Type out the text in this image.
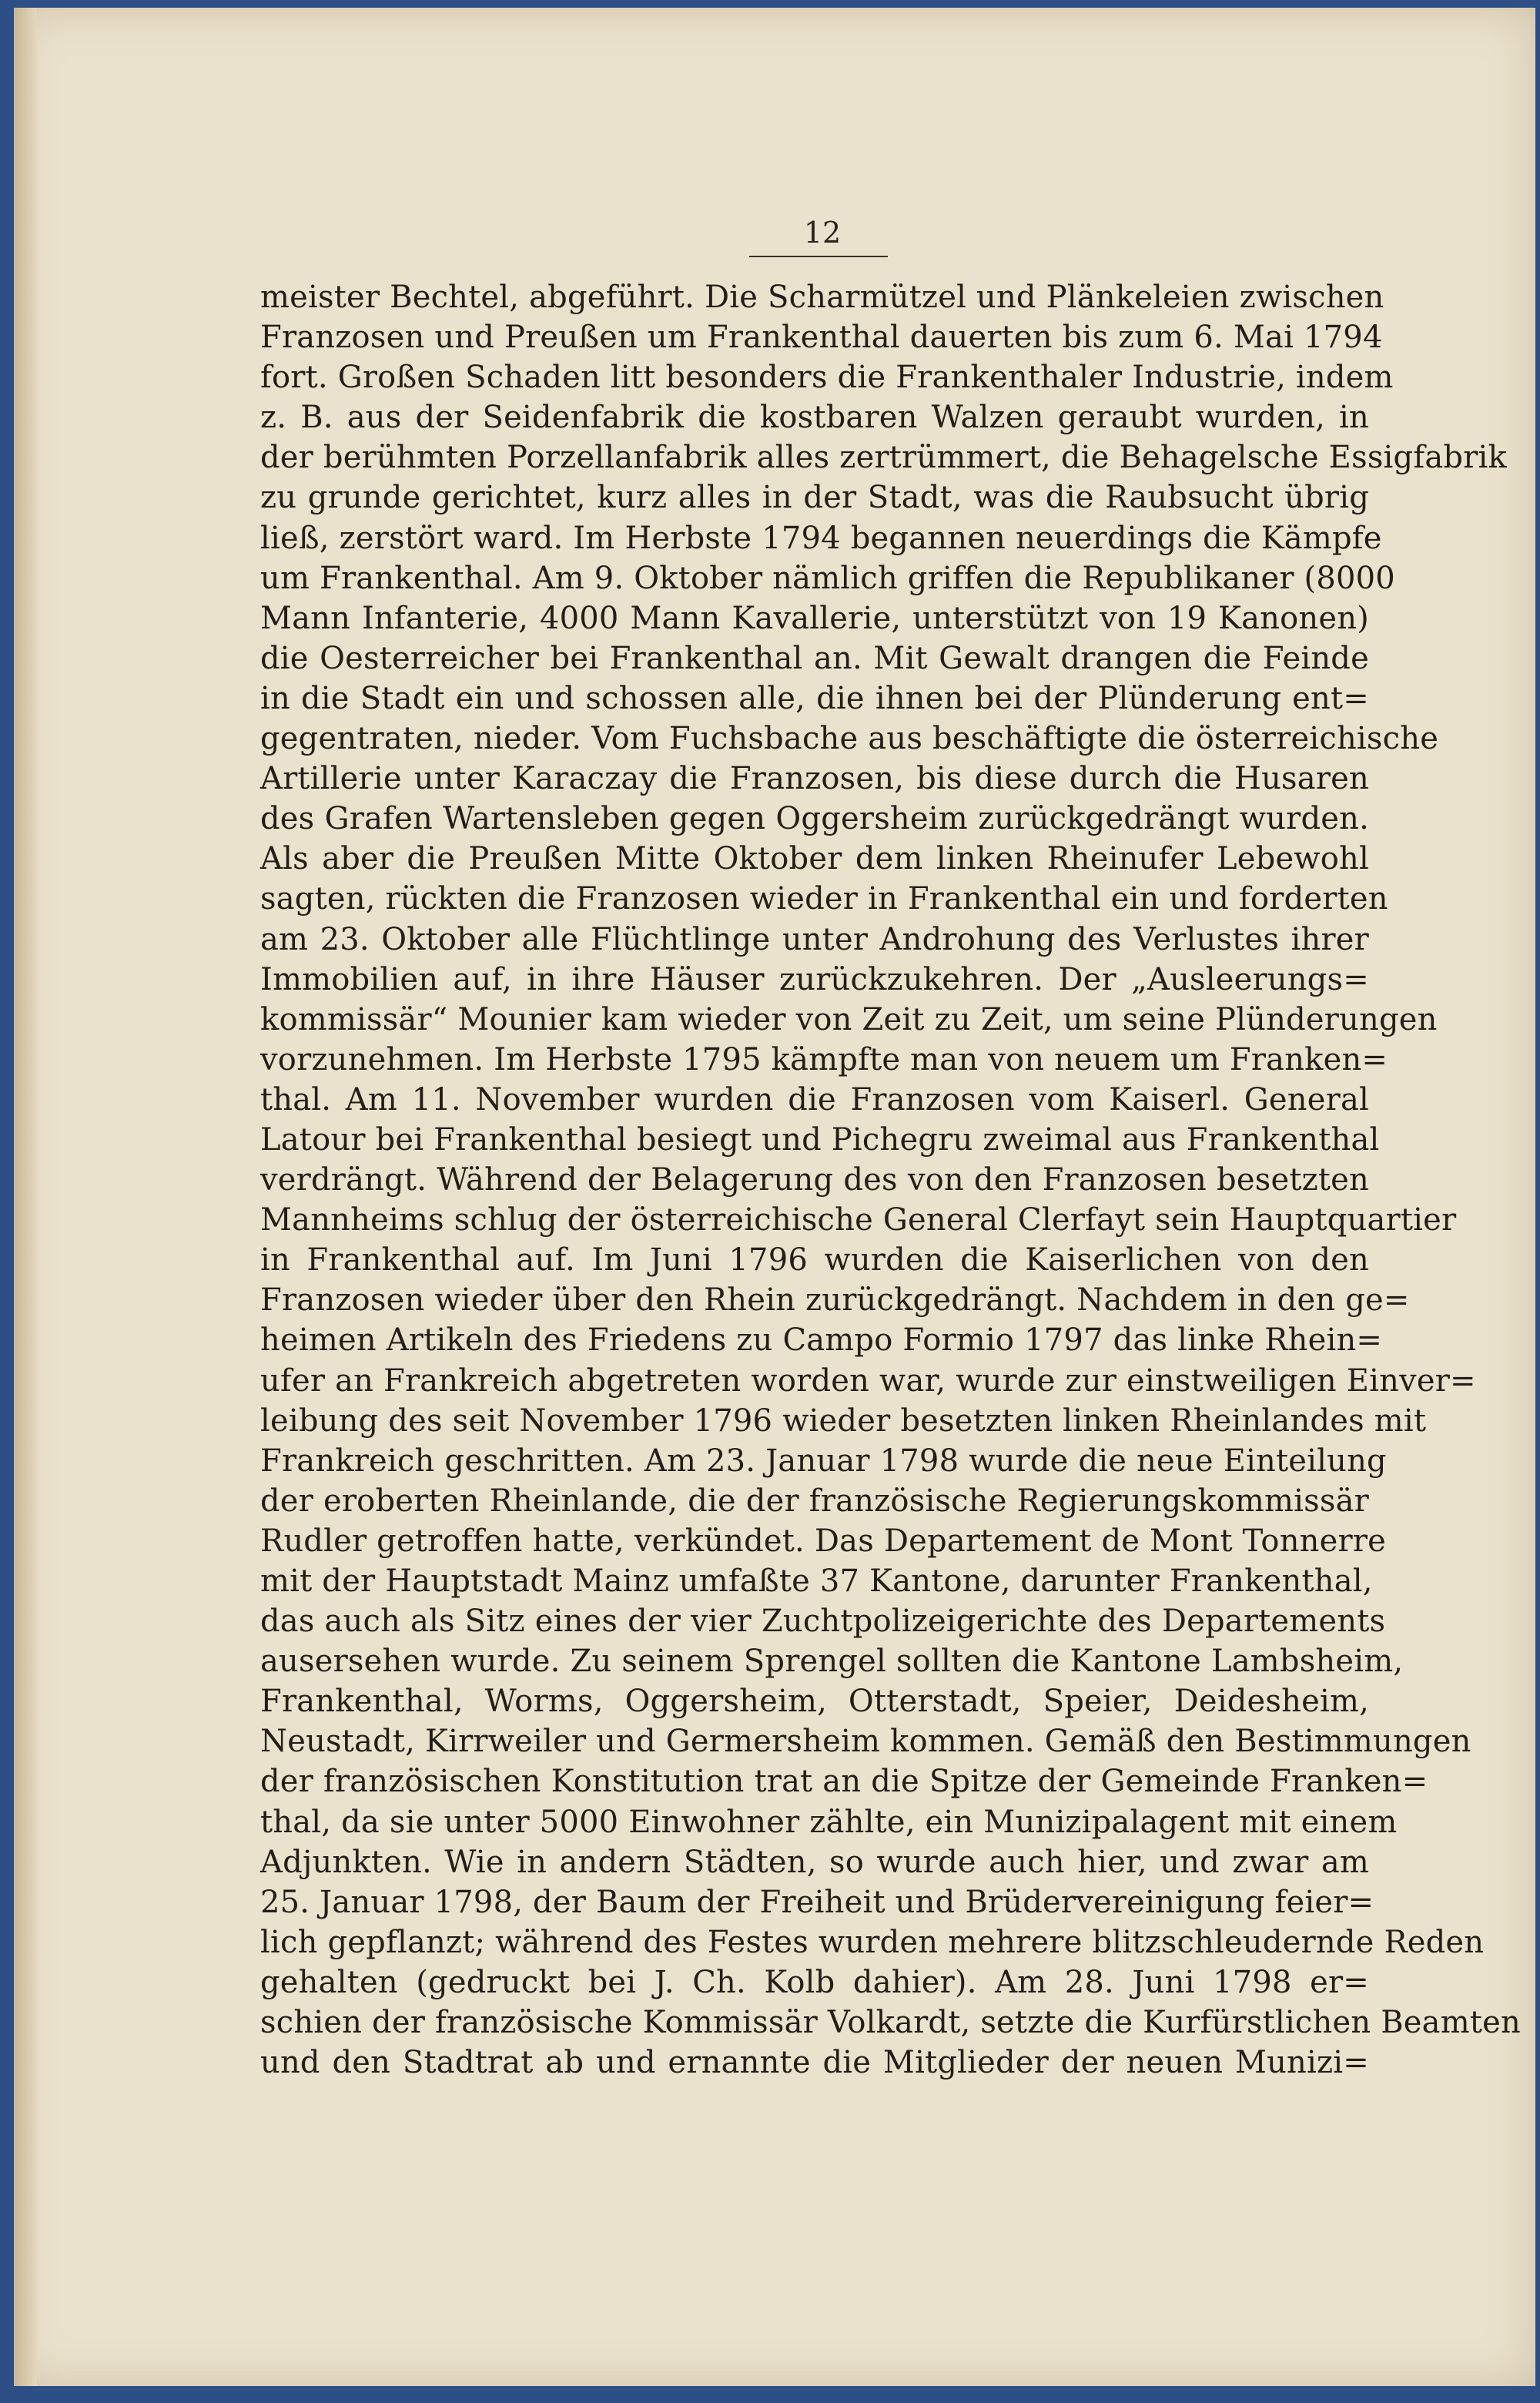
12
meister Bechtel, abgeführt. Die Scharmützel und Plänkeleien zwischen
Franzosen und Preußen um Frankenthal dauerten bis zum 6. Mai 1794
fort. Großen Schaden litt besonders die Frankenthaler Industrie, indem
z. B. aus der Seidenfabrik die kostbaren Walzen geraubt wurden, in
der berühmten Porzellanfabrik alles zertrümmert, die Behagelsche Essigfabrik
zu grunde gerichtet, kurz alles in der Stadt, was die Raubsucht übrig
ließ, zerstört ward. Im Herbste 1794 begannen neuerdings die Kämpfe
um Frankenthal. Am 9. Oktober nämlich griffen die Republikaner (8000
Mann Infanterie, 4000 Mann Kavallerie, unterstützt von 19 Kanonen)
die Oesterreicher bei Frankenthal an. Mit Gewalt drangen die Feinde
in die Stadt ein und schossen alle, die ihnen bei der Plünderung ent=
gegentraten, nieder. Vom Fuchsbache aus beschäftigte die österreichische
Artillerie unter Karaczay die Franzosen, bis diese durch die Husaren
des Grafen Wartensleben gegen Oggersheim zurückgedrängt wurden.
Als aber die Preußen Mitte Oktober dem linken Rheinufer Lebewohl
sagten, rückten die Franzosen wieder in Frankenthal ein und forderten
am 23. Oktober alle Flüchtlinge unter Androhung des Verlustes ihrer
Immobilien auf, in ihre Häuser zurückzukehren. Der „Ausleerungs=
kommissär“ Mounier kam wieder von Zeit zu Zeit, um seine Plünderungen
vorzunehmen. Im Herbste 1795 kämpfte man von neuem um Franken=
thal. Am 11. November wurden die Franzosen vom Kaiserl. General
Latour bei Frankenthal besiegt und Pichegru zweimal aus Frankenthal
verdrängt. Während der Belagerung des von den Franzosen besetzten
Mannheims schlug der österreichische General Clerfayt sein Hauptquartier
in Frankenthal auf. Im Juni 1796 wurden die Kaiserlichen von den
Franzosen wieder über den Rhein zurückgedrängt. Nachdem in den ge=
heimen Artikeln des Friedens zu Campo Formio 1797 das linke Rhein=
ufer an Frankreich abgetreten worden war, wurde zur einstweiligen Einver=
leibung des seit November 1796 wieder besetzten linken Rheinlandes mit
Frankreich geschritten. Am 23. Januar 1798 wurde die neue Einteilung
der eroberten Rheinlande, die der französische Regierungskommissär
Rudler getroffen hatte, verkündet. Das Departement de Mont Tonnerre
mit der Hauptstadt Mainz umfaßte 37 Kantone, darunter Frankenthal,
das auch als Sitz eines der vier Zuchtpolizeigerichte des Departements
ausersehen wurde. Zu seinem Sprengel sollten die Kantone Lambsheim,
Frankenthal, Worms, Oggersheim, Otterstadt, Speier, Deidesheim,
Neustadt, Kirrweiler und Germersheim kommen. Gemäß den Bestimmungen
der französischen Konstitution trat an die Spitze der Gemeinde Franken=
thal, da sie unter 5000 Einwohner zählte, ein Munizipalagent mit einem
Adjunkten. Wie in andern Städten, so wurde auch hier, und zwar am
25. Januar 1798, der Baum der Freiheit und Brüdervereinigung feier=
lich gepflanzt; während des Festes wurden mehrere blitzschleudernde Reden
gehalten (gedruckt bei J. Ch. Kolb dahier). Am 28. Juni 1798 er=
schien der französische Kommissär Volkardt, setzte die Kurfürstlichen Beamten
und den Stadtrat ab und ernannte die Mitglieder der neuen Munizi=
